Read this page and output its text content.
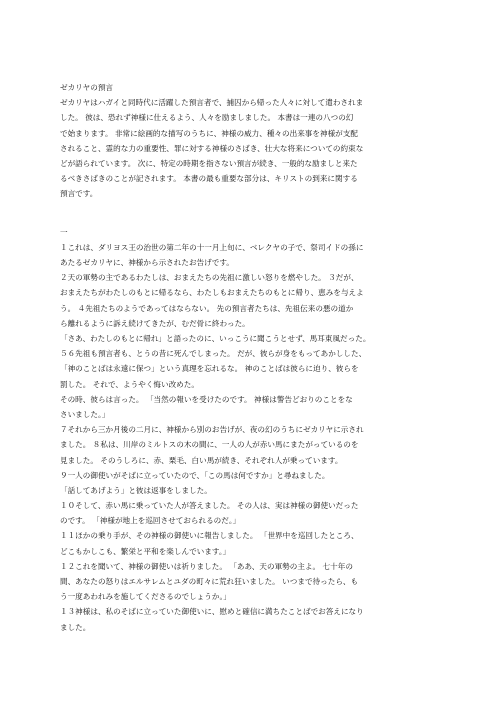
ゼカリヤの預言
ゼカリヤはハガイと同時代に活躍した預言者で、捕囚から帰った人々に対して遣わされま
した。 彼は、恐れず神様に仕えるよう、人々を励ましました。 本書は一連の八つの幻
で始まります。 非常に絵画的な描写のうちに、神様の威力、種々の出来事を神様が支配
されること、霊的な力の重要性、罪に対する神様のさばき、壮大な将来についての約束な
どが語られています。 次に、特定の時期を指さない預言が続き、一般的な励ましと来た
るべきさばきのことが記されます。 本書の最も重要な部分は、キリストの到来に関する
預言です。
一
１これは、ダリヨス王の治世の第二年の十一月上旬に、ベレクヤの子で、祭司イドの孫に
あたるゼカリヤに、神様から示されたお告げです。
２天の軍勢の主であるわたしは、おまえたちの先祖に激しい怒りを燃やした。 ３だが、
おまえたちがわたしのもとに帰るなら、わたしもおまえたちのもとに帰り、恵みを与えよ
う。 ４先祖たちのようであってはならない。 先の預言者たちは、先祖伝来の悪の道か
ら離れるように訴え続けてきたが、むだ骨に終わった。
「さあ、わたしのもとに帰れ」と語ったのに、いっこうに聞こうとせず、馬耳東風だった。
５６先祖も預言者も、とうの昔に死んでしまった。 だが、彼らが身をもってあかしした、
「神のことばは永遠に保つ」という真理を忘れるな。 神のことばは彼らに迫り、彼らを
罰した。 それで、ようやく悔い改めた。
その時、彼らは言った。 「当然の報いを受けたのです。 神様は警告どおりのことをな
さいました。」
７それから三か月後の二月に、神様から別のお告げが、夜の幻のうちにゼカリヤに示され
ました。 ８私は、川岸のミルトスの木の間に、一人の人が赤い馬にまたがっているのを
見ました。 そのうしろに、赤、栗毛、白い馬が続き、それぞれ人が乗っています。
９一人の御使いがそばに立っていたので、「この馬は何ですか」と尋ねました。
「話してあげよう」と彼は返事をしました。
１０そして、赤い馬に乗っていた人が答えました。 その人は、実は神様の御使いだった
のです。 「神様が地上を巡回させておられるのだ。」
１１ほかの乗り手が、その神様の御使いに報告しました。 「世界中を巡回したところ、
どこもかしこも、繁栄と平和を楽しんでいます。」
１２これを聞いて、神様の御使いは祈りました。 「ああ、天の軍勢の主よ。 七十年の
間、あなたの怒りはエルサレムとユダの町々に荒れ狂いました。 いつまで待ったら、も
う一度あわれみを施してくださるのでしょうか。」
１３神様は、私のそばに立っていた御使いに、慰めと確信に満ちたことばでお答えになり
ました。
